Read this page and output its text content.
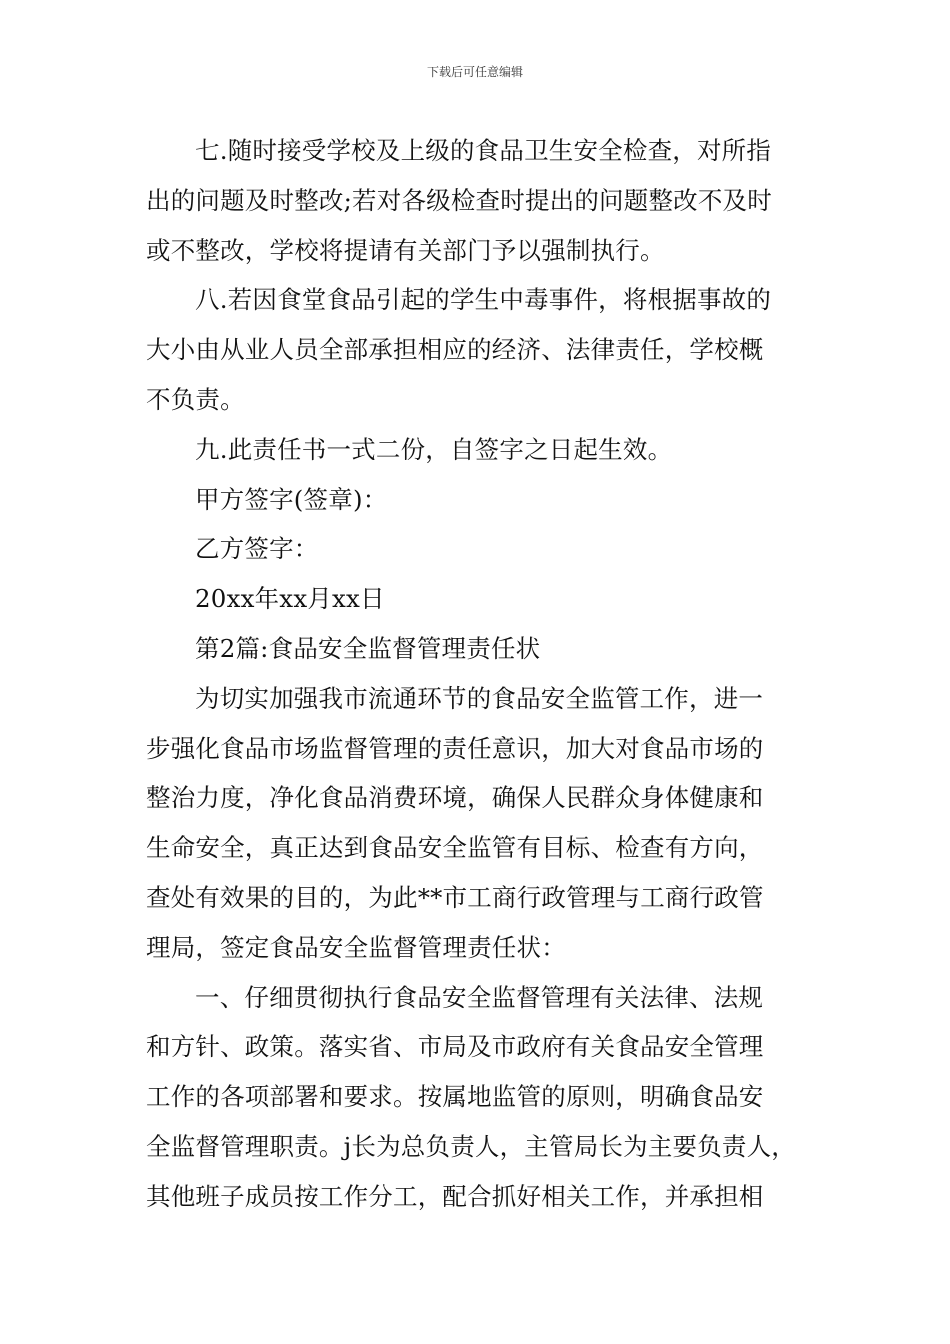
下载后可任意编辑

七.随时接受学校及上级的食品卫生安全检查，对所指

出的问题及时整改;若对各级检查时提出的问题整改不及时

或不整改，学校将提请有关部门予以强制执行。

八.若因食堂食品引起的学生中毒事件，将根据事故的

大小由从业人员全部承担相应的经济、法律责任，学校概

不负责。

九.此责任书一式二份，自签字之日起生效。

甲方签字(签章)：

乙方签字：

20xx年xx月xx日

第2篇:食品安全监督管理责任状

为切实加强我市流通环节的食品安全监管工作，进一

步强化食品市场监督管理的责任意识，加大对食品市场的

整治力度，净化食品消费环境，确保人民群众身体健康和

生命安全，真正达到食品安全监管有目标、检查有方向，

查处有效果的目的，为此**市工商行政管理与工商行政管

理局，签定食品安全监督管理责任状：

一、仔细贯彻执行食品安全监督管理有关法律、法规

和方针、政策。落实省、市局及市政府有关食品安全管理

工作的各项部署和要求。按属地监管的原则，明确食品安

全监督管理职责。j长为总负责人，主管局长为主要负责人，

其他班子成员按工作分工，配合抓好相关工作，并承担相
